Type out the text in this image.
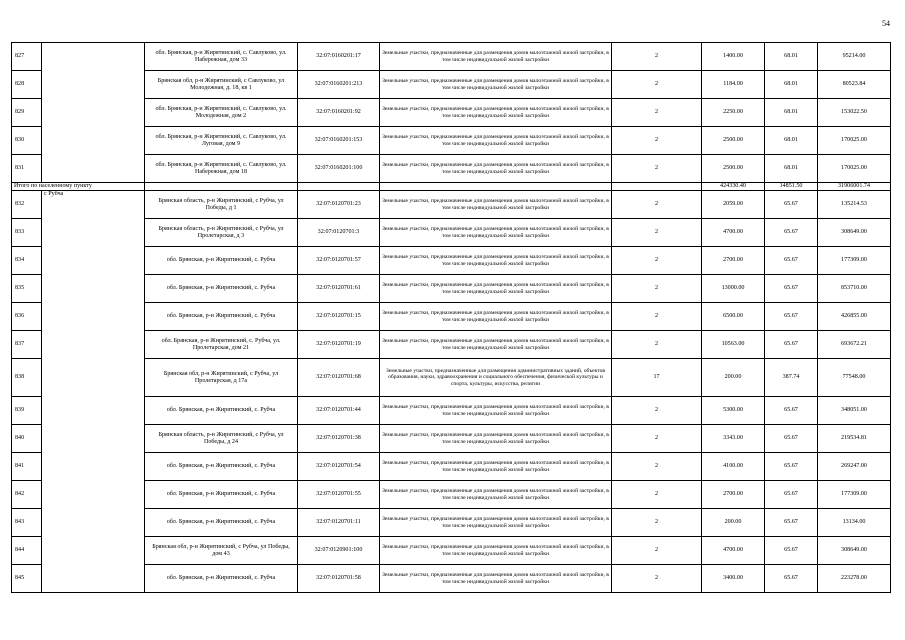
54
827		обл. Брянская, р-н Жирятинский, с. Савлуково, ул. Набережная, дом 33	32:07:0160201:17	Земельные участки, предназначенные для размещения домов малоэтажной жилой застройки, в том числе индивидуальной жилой застройки	2	1400.00	68.01	95214.00
828		Брянская обл, р-н Жирятинский, с Савлуково, ул Молодежная, д. 18, кв 1	32:07:0160201:213	Земельные участки, предназначенные для размещения домов малоэтажной жилой застройки, в том числе индивидуальной жилой застройки	2	1184.00	68.01	80523.84
829		обл. Брянская, р-н Жирятинский, с. Савлуково, ул. Молодежная, дом 2	32:07:0160201:92	Земельные участки, предназначенные для размещения домов малоэтажной жилой застройки, в том числе индивидуальной жилой застройки	2	2250.00	68.01	153022.50
830		обл. Брянская, р-н Жирятинский, с. Савлуково, ул. Луговая, дом 9	32:07:0160201:153	Земельные участки, предназначенные для размещения домов малоэтажной жилой застройки, в том числе индивидуальной жилой застройки	2	2500.00	68.01	170025.00
831		обл. Брянская, р-н Жирятинский, с. Савлуково, ул. Набережная, дом 18	32:07:0160201:100	Земельные участки, предназначенные для размещения домов малоэтажной жилой застройки, в том числе индивидуальной жилой застройки	2	2500.00	68.01	170025.00
Итого по населенному пункту						424330.40	14851.50	31906001.74
832	с Рубча	Брянская область, р-н Жирятинский, с Рубча, ул Победы, д 1	32:07:0120701:23	Земельные участки, предназначенные для размещения домов малоэтажной жилой застройки, в том числе индивидуальной жилой застройки	2	2059.00	65.67	135214.53
833		Брянская область, р-н Жирятинский, с Рубча, ул Пролетарская, д 3	32:07:0120701:3	Земельные участки, предназначенные для размещения домов малоэтажной жилой застройки, в том числе индивидуальной жилой застройки	2	4700.00	65.67	308649.00
834		обл. Брянская, р-н Жирятинский, с. Рубча	32:07:0120701:57	Земельные участки, предназначенные для размещения домов малоэтажной жилой застройки, в том числе индивидуальной жилой застройки	2	2700.00	65.67	177309.00
835		обл. Брянская, р-н Жирятинский, с. Рубча	32:07:0120701:61	Земельные участки, предназначенные для размещения домов малоэтажной жилой застройки, в том числе индивидуальной жилой застройки	2	13000.00	65.67	853710.00
836		обл. Брянская, р-н Жирятинский, с. Рубча	32:07:0120701:15	Земельные участки, предназначенные для размещения домов малоэтажной жилой застройки, в том числе индивидуальной жилой застройки	2	6500.00	65.67	426855.00
837		обл. Брянская, р-н Жирятинский, с. Рубча, ул. Пролетарская, дом 21	32:07:0120701:19	Земельные участки, предназначенные для размещения домов малоэтажной жилой застройки, в том числе индивидуальной жилой застройки	2	10563.00	65.67	693672.21
838		Брянская обл, р-н Жирятинский, с Рубча, ул Пролетарская, д 17а	32:07:0120701:68	Земельные участки, предназначенные для размещения административных зданий, объектов образования, науки, здравоохранения и социального обеспечения, физической культуры и спорта, культуры, искусства, религии	17	200.00	387.74	77548.00
839		обл. Брянская, р-н Жирятинский, с. Рубча	32:07:0120701:44	Земельные участки, предназначенные для размещения домов малоэтажной жилой застройки, в том числе индивидуальной жилой застройки	2	5300.00	65.67	348051.00
840		Брянская область, р-н Жирятинский, с Рубча, ул Победы, д 24	32:07:0120701:38	Земельные участки, предназначенные для размещения домов малоэтажной жилой застройки, в том числе индивидуальной жилой застройки	2	3343.00	65.67	219534.81
841		обл. Брянская, р-н Жирятинский, с. Рубча	32:07:0120701:54	Земельные участки, предназначенные для размещения домов малоэтажной жилой застройки, в том числе индивидуальной жилой застройки	2	4100.00	65.67	269247.00
842		обл. Брянская, р-н Жирятинский, с. Рубча	32:07:0120701:55	Земельные участки, предназначенные для размещения домов малоэтажной жилой застройки, в том числе индивидуальной жилой застройки	2	2700.00	65.67	177309.00
843		обл. Брянская, р-н Жирятинский, с. Рубча	32:07:0120701:11	Земельные участки, предназначенные для размещения домов малоэтажной жилой застройки, в том числе индивидуальной жилой застройки	2	200.00	65.67	13134.00
844		Брянская обл, р-н Жирятинский, с Рубча, ул Победы, дом 43	32:07:0120901:100	Земельные участки, предназначенные для размещения домов малоэтажной жилой застройки, в том числе индивидуальной жилой застройки	2	4700.00	65.67	308649.00
845		обл. Брянская, р-н Жирятинский, с. Рубча	32:07:0120701:58	Земельные участки, предназначенные для размещения домов малоэтажной жилой застройки, в том числе индивидуальной жилой застройки	2	3400.00	65.67	223278.00
